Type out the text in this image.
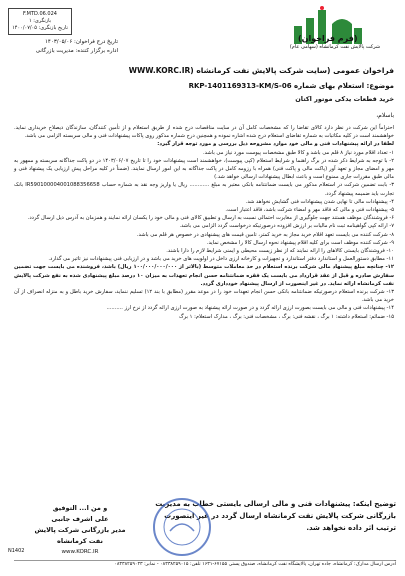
F.MTD.06.024
بازنگری: ۱
تاریخ بازنگری: ۱۴۰۰/۰۷/۰۵
شرکت پالایش نفت کرمانشاه (سهامی عام)
(فرم فراخوان)
تاریخ درج فراخوان: ۱۴۰۳/۰۵/۰۶
اداره برگزار کننده: مدیریت بازرگانی
فراخوان عمومی (سایت شرکت پالایش نفت کرمانشاه (WWW.KORC.IR
موضوع: استعلام بهای شماره RKP-1401169313-KM/S-06
خرید قطعات یدکی موتور اکتان
باسلام،

احتراماً این شرکت در نظر دارد کالای تقاضا را که مشخصات کامل آن در سایت مناقصات درج شده از طریق استعلام و از تأمین کنندگان، سازندگان ذیصلاح خریداری نماید. خواهشمند است در کلیه مکاتبات به شماره تقاضای استعلام درج شده اشاره نموده و همچنین درج شماره مذکور روی پاکات پیشنهادات فنی و مالی سربسته الزامی می باشد.

لطفا در ارائه پیشنهادات فنی و مالی خود موارد مشروحه ذیل بررسی و مورد توجه قرار گیرد:

۱- تعداد اقلام مورد نیاز ۸ قلم می باشد و کالا طبق مشخصات پیوست مورد نیاز می باشد.

۲- با توجه به شرایط ذکر شده در برگ راهنما و شرایط استعلام (کپی پیوست)، خواهشمند است پیشنهادات خود را تا تاریخ ۱۴۰۳/۰۶/۰۷ در دو پاکت جداگانه سربسته و ممهور به مهر و امضای مجاز و تعهد آور (پاکت مالی و پاکت فنی) همراه با رزومه کامل در پاکت جداگانه به این امور ارسال نمایند. (ضمناً در کلیه مراحل پیش ارزیابی یک پیشنهاد فنی و مالی طبق مقررات جاری ممنوع است و باعث ابطال پیشنهادات ارسالی خواهد شد.)

۳- بابت تضمین شرکت در استعلام مذکور می بایست ضمانتنامه بانکی معتبر به مبلغ ............ ریال یا واریز وجه نقد به شماره حساب IR590100004001088356658 بانک تجارت باید ضمیمه پیشنهاد گردد.

۴- پیشنهادات مالی تا نهایی شدن پیشنهادات فنی گشایش نخواهد شد.

۵- پیشنهادات فنی و مالی که فاقد مهر و امضاء شرکت باشد، فاقد اعتبار است.

۶- فروشندگان موظف هستند جهت جلوگیری از مغایرت احتمالی نسبت به ارسال و تطبیق کالای فنی و مالی خود را یکسان ارائه نمایند و همزمان به آدرس ذیل ارسال گردد.

۷- ارائه کپی گواهینامه ثبت نام مالیات بر ارزش افزوده درصورتیکه درخواست گردد الزامی می باشد.

۸- شرکت کننده می بایست تعهد اقلام خرید مجاز به خرید کمتر، تامین قیمت های پیشنهادی در خصوص هر قلم می باشد.

۹- شرکت کننده موظف است برای کلیه اقلام پیشنهاد نحوه ارسال کالا را مشخص نماید.

۱۰- فروشندگان بایستی کالاهای را ارائه نمایند که از نظر زیست محیطی و ایمنی شرایط لازم را دارا باشند.

۱۱- مطابق دستورالعمل و استاندارد دفتر استاندارد و تجهیزات و کارخانه ارزی داخل در اولویت های خرید می باشد و در ارزیابی فنی پیشنهادات نیز تاثیر می گذارد.

۱۲- چنانچه مبلغ پیشنهاد مالی شرکت برنده استعلام در حد معاملات متوسط (بالاتر از ۱۰۰/۰۰۰/۰۰۰/۰۰۰ ریال) باشد، فروشنده می بایست جهت تضمین سفارش صادره و قبل از عقد قرارداد می بایست یک فقره ضمانتنامه حسن انجام تعهدات به میزان ۱۰ درصد مبلغ پیشنهادی شده به نفع شرکت پالایش نفت کرمانشاه ارائه نماید. در غیر اینصورت از ارسال پیشنهاد خودداری گردد.

۱۳- شرکت برنده استعلام درصورتیکه ضمانتنامه بانکی حسن انجام تعهدات خود را در موعد مقرر (مطابق با بند ۱۲) تسلیم ننماید، سفارش خرید باطل و به منزله انصراف از آن خرید می باشد.

۱۴- پیشنهادات فنی و مالی می بایست بصورت ارزی ارائه گردد و در صورت ارائه پیشنهاد به صورت ارزی ارائه گردد از نرخ ارز ..........

۱۵- ضمائم: استعلام داشته: ۱ برگ ، نقشه فنی: برگ ، مشخصات فنی: برگ ، مدارک استعلام: ۱ برگ

توضیح اینکه: پیشنهادات فنی و مالی ارسالی بایستی خطاب به مدیریت بازرگانی شرکت پالایش نفت کرمانشاه ارسال گردد در غیر اینصورت ترتیب اثر داده نخواهد شد.
و من ا... التوفیق
علی اشرف جانبی
مدیر بازرگانی شرکت پالایش نفت کرمانشاه
www.KORC.IR
N1402
آدرس ارسال مدارک: کرمانشاه، جاده تهران، پالایشگاه نفت کرمانشاه، صندوق پستی ۶۷۱۵۵-۱۶۳۱ تلفن: ۰۸۳۳۸۲۵۹۰۱۵ - نمابر: ۰۸۳۳۸۲۵۹۰۴۳
